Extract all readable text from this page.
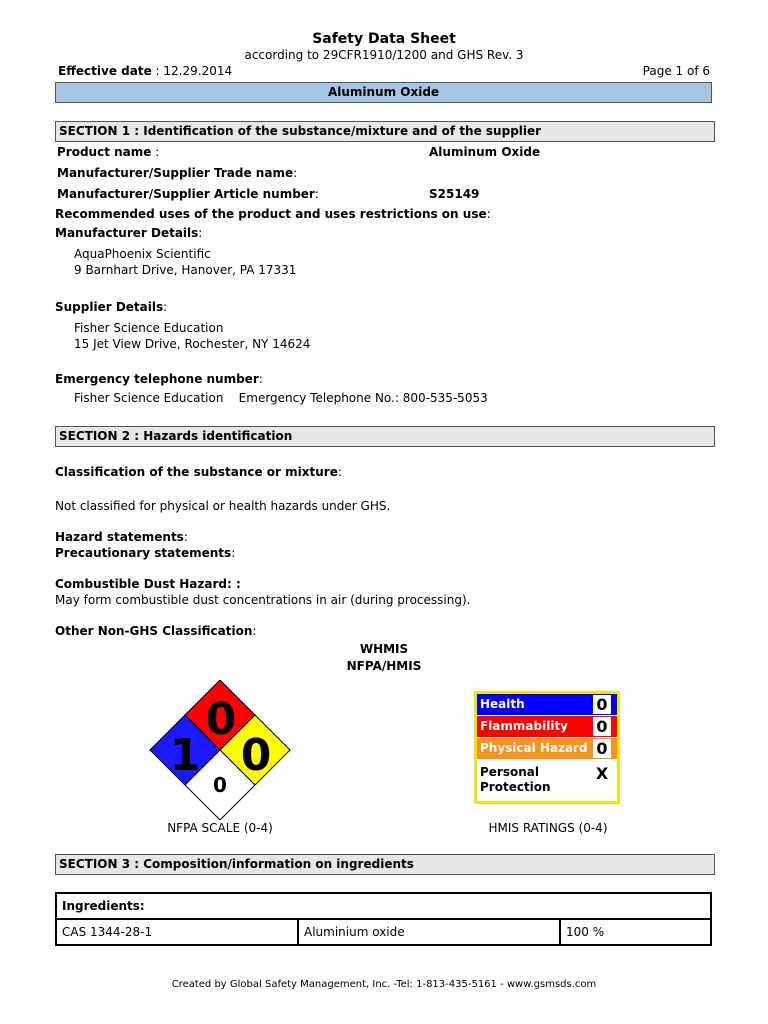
Safety Data Sheet
according to 29CFR1910/1200 and GHS Rev. 3
Effective date : 12.29.2014	Page 1 of 6
Aluminum Oxide
SECTION 1 : Identification of the substance/mixture and of the supplier
Product name :	Aluminum Oxide
Manufacturer/Supplier Trade name:
Manufacturer/Supplier Article number:	S25149
Recommended uses of the product and uses restrictions on use:
Manufacturer Details:
AquaPhoenix Scientific
9 Barnhart Drive, Hanover, PA 17331
Supplier Details:
Fisher Science Education
15 Jet View Drive, Rochester, NY 14624
Emergency telephone number:
Fisher Science Education    Emergency Telephone No.: 800-535-5053
SECTION 2 : Hazards identification
Classification of the substance or mixture:
Not classified for physical or health hazards under GHS.
Hazard statements:
Precautionary statements:
Combustible Dust Hazard: :
May form combustible dust concentrations in air (during processing).
Other Non-GHS Classification:
WHMIS
NFPA/HMIS
0
1 0
0
NFPA SCALE (0-4)
Health	0
Flammability 0
Physical Hazard 0
Personal
Protection
X
HMIS RATINGS (0-4)
SECTION 3 : Composition/information on ingredients
Ingredients:
CAS 1344-28-1	Aluminium oxide	100 %
Created by Global Safety Management, Inc. -Tel: 1-813-435-5161 - www.gsmsds.com
